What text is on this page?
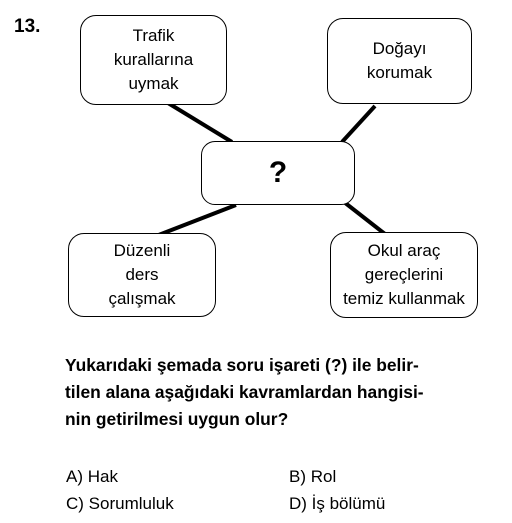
13.	Trafik
kurallarına
uymak
Doğayı
korumak
?
Düzenli
ders
çalışmak
Okul araç
gereçlerini
temiz kullanmak
Yukarıdaki şemada soru işareti (?) ile belir-
tilen alana aşağıdaki kavramlardan hangisi-
nin getirilmesi uygun olur?
A) Hak	B) Rol
C) Sorumluluk	D) İş bölümü
